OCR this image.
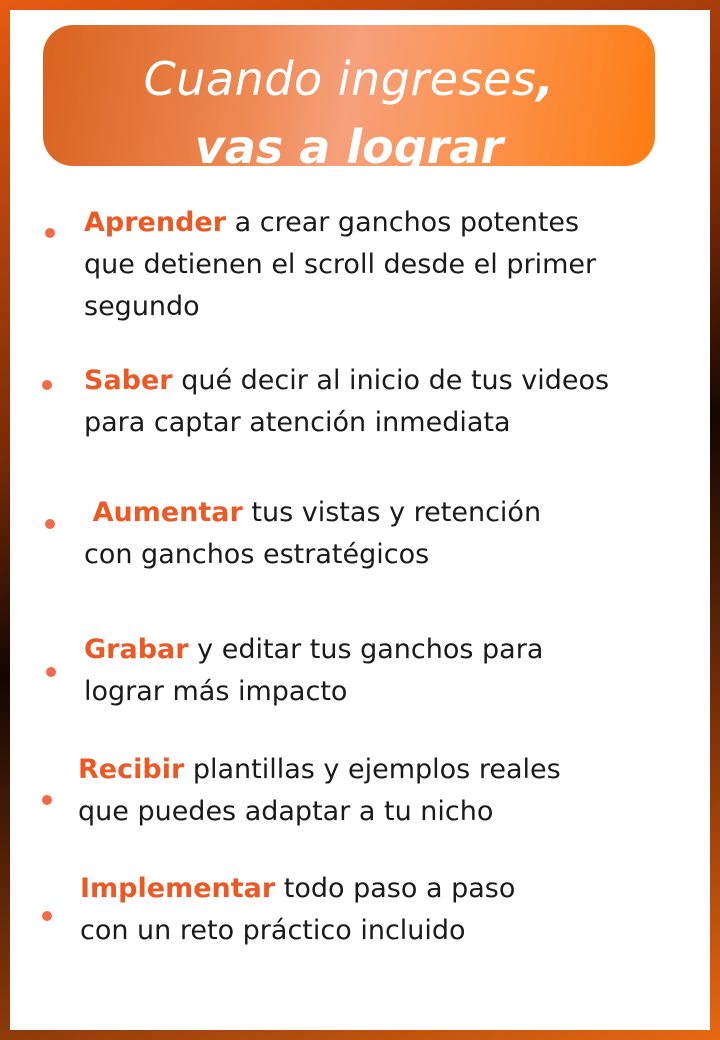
Cuando ingreses,
vas a lograr
Aprender a crear ganchos potentes
que detienen el scroll desde el primer
segundo
Saber qué decir al inicio de tus videos
para captar atención inmediata
Aumentar tus vistas y retención
con ganchos estratégicos
Grabar y editar tus ganchos para
lograr más impacto
Recibir plantillas y ejemplos reales
que puedes adaptar a tu nicho
Implementar todo paso a paso
con un reto práctico incluido
